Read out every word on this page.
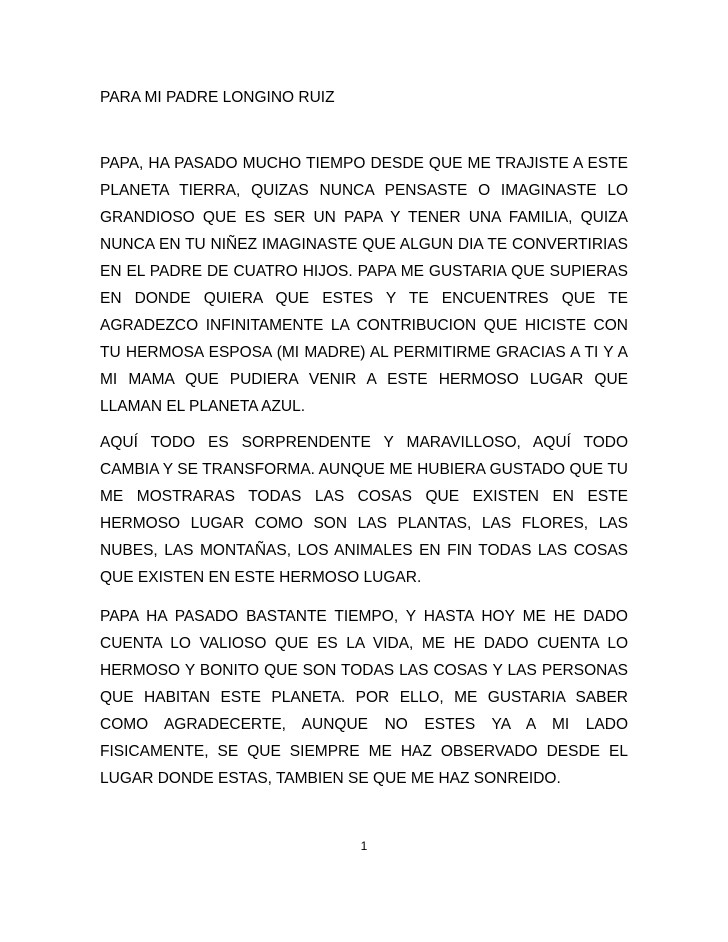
PARA MI PADRE LONGINO RUIZ

PAPA, HA PASADO MUCHO TIEMPO DESDE QUE ME TRAJISTE A ESTE PLANETA TIERRA, QUIZAS NUNCA PENSASTE O IMAGINASTE LO GRANDIOSO QUE ES SER UN PAPA Y TENER UNA FAMILIA, QUIZA NUNCA EN TU NIÑEZ IMAGINASTE QUE ALGUN DIA TE CONVERTIRIAS EN EL PADRE DE CUATRO HIJOS. PAPA ME GUSTARIA QUE SUPIERAS EN DONDE QUIERA QUE ESTES Y TE ENCUENTRES QUE TE AGRADEZCO INFINITAMENTE LA CONTRIBUCION QUE HICISTE CON TU HERMOSA ESPOSA (MI MADRE) AL PERMITIRME GRACIAS A TI Y A MI MAMA QUE PUDIERA VENIR A ESTE HERMOSO LUGAR QUE LLAMAN EL PLANETA AZUL.

AQUÍ TODO ES SORPRENDENTE Y MARAVILLOSO, AQUÍ TODO CAMBIA Y SE TRANSFORMA. AUNQUE ME HUBIERA GUSTADO QUE TU ME MOSTRARAS TODAS LAS COSAS QUE EXISTEN EN ESTE HERMOSO LUGAR COMO SON LAS PLANTAS, LAS FLORES, LAS NUBES, LAS MONTAÑAS, LOS ANIMALES EN FIN TODAS LAS COSAS QUE EXISTEN EN ESTE HERMOSO LUGAR.

PAPA HA PASADO BASTANTE TIEMPO, Y HASTA HOY ME HE DADO CUENTA LO VALIOSO QUE ES LA VIDA, ME HE DADO CUENTA LO HERMOSO Y BONITO QUE SON TODAS LAS COSAS Y LAS PERSONAS QUE HABITAN ESTE PLANETA. POR ELLO, ME GUSTARIA SABER COMO AGRADECERTE, AUNQUE NO ESTES YA A MI LADO FISICAMENTE, SE QUE SIEMPRE ME HAZ OBSERVADO DESDE EL LUGAR DONDE ESTAS, TAMBIEN SE QUE ME HAZ SONREIDO.

1
